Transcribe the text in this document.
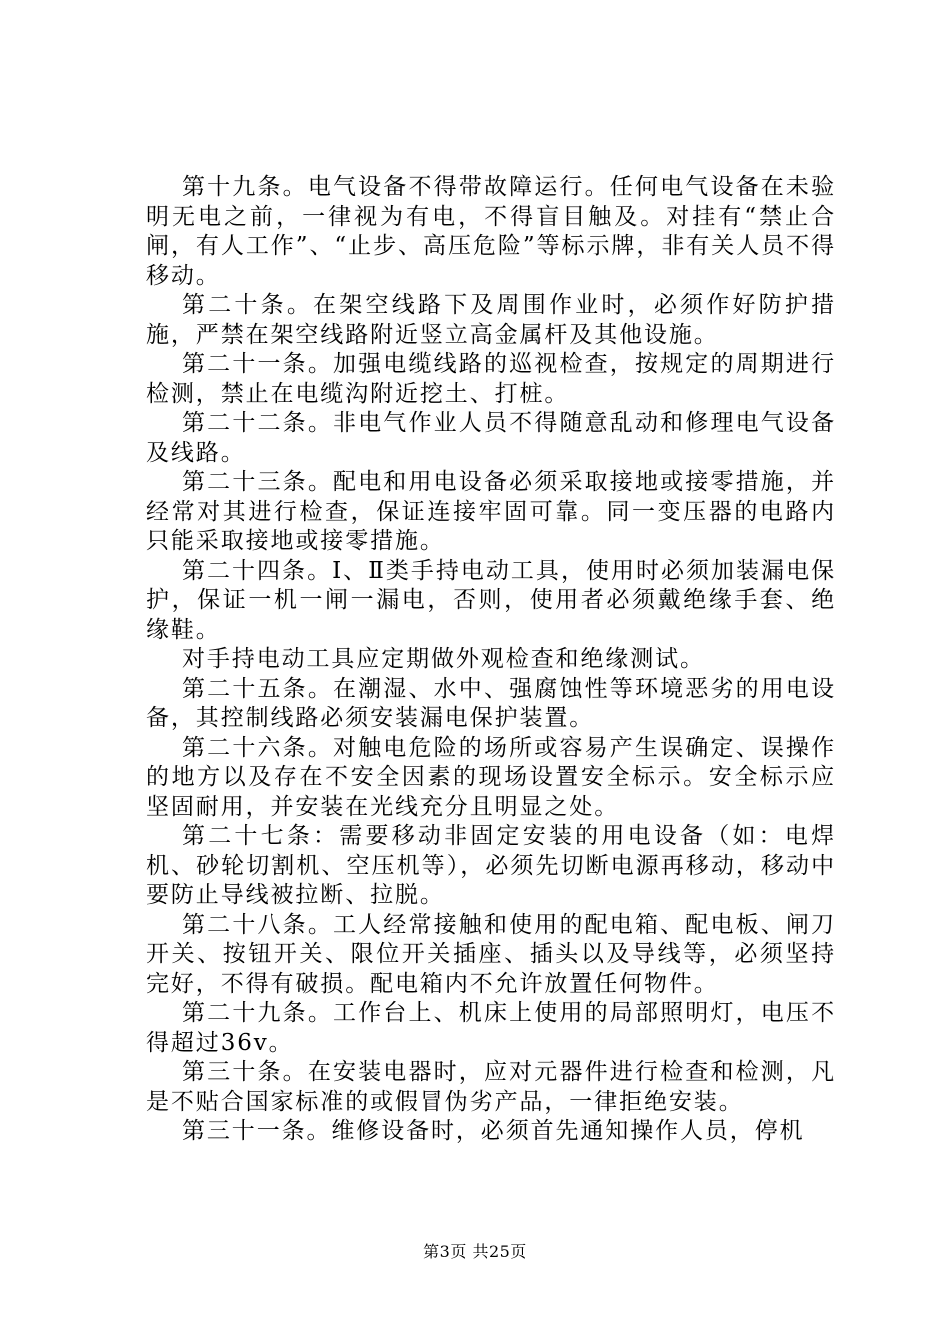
第十九条。电气设备不得带故障运行。任何电气设备在未验明无电之前，一律视为有电，不得盲目触及。对挂有“禁止合闸，有人工作”、“止步、高压危险”等标示牌，非有关人员不得移动。

第二十条。在架空线路下及周围作业时，必须作好防护措施，严禁在架空线路附近竖立高金属杆及其他设施。

第二十一条。加强电缆线路的巡视检查，按规定的周期进行检测，禁止在电缆沟附近挖土、打桩。

第二十二条。非电气作业人员不得随意乱动和修理电气设备及线路。

第二十三条。配电和用电设备必须采取接地或接零措施，并经常对其进行检查，保证连接牢固可靠。同一变压器的电路内只能采取接地或接零措施。

第二十四条。Ⅰ、Ⅱ类手持电动工具，使用时必须加装漏电保护，保证一机一闸一漏电，否则，使用者必须戴绝缘手套、绝缘鞋。

对手持电动工具应定期做外观检查和绝缘测试。

第二十五条。在潮湿、水中、强腐蚀性等环境恶劣的用电设备，其控制线路必须安装漏电保护装置。

第二十六条。对触电危险的场所或容易产生误确定、误操作的地方以及存在不安全因素的现场设置安全标示。安全标示应坚固耐用，并安装在光线充分且明显之处。

第二十七条：需要移动非固定安装的用电设备（如：电焊机、砂轮切割机、空压机等），必须先切断电源再移动，移动中要防止导线被拉断、拉脱。

第二十八条。工人经常接触和使用的配电箱、配电板、闸刀开关、按钮开关、限位开关插座、插头以及导线等，必须坚持完好，不得有破损。配电箱内不允许放置任何物件。

第二十九条。工作台上、机床上使用的局部照明灯，电压不得超过36v。

第三十条。在安装电器时，应对元器件进行检查和检测，凡是不贴合国家标准的或假冒伪劣产品，一律拒绝安装。

第三十一条。维修设备时，必须首先通知操作人员，停机

第3页 共25页
